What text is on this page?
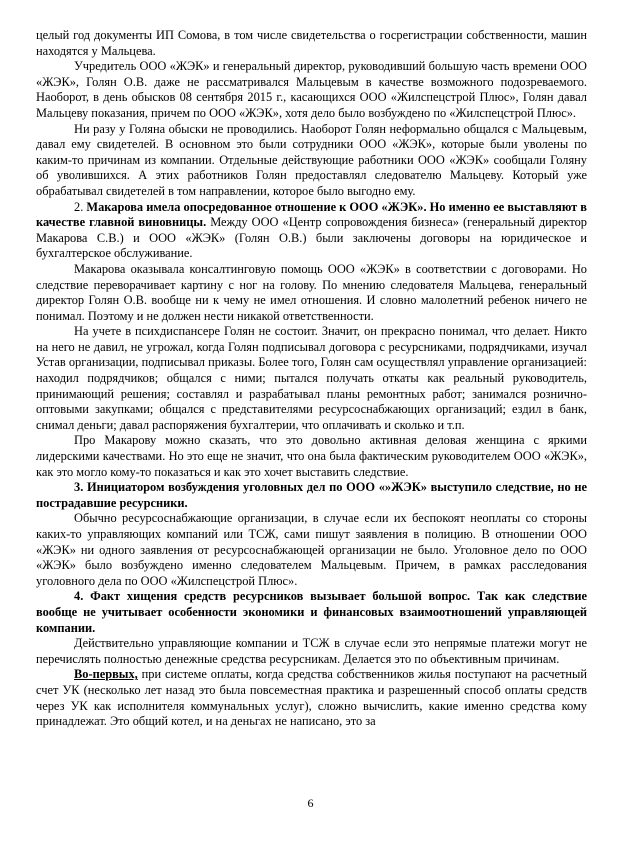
целый год документы ИП Сомова, в том числе свидетельства о госрегистрации собственности, машин находятся у Мальцева.

Учредитель ООО «ЖЭК» и генеральный директор, руководивший большую часть времени ООО «ЖЭК», Голян О.В. даже не рассматривался Мальцевым в качестве возможного подозреваемого. Наоборот, в день обысков 08 сентября 2015 г., касающихся ООО «Жилспецстрой Плюс», Голян давал Мальцеву показания, причем по ООО «ЖЭК», хотя дело было возбуждено по «Жилспецстрой Плюс».

Ни разу у Голяна обыски не проводились. Наоборот Голян неформально общался с Мальцевым, давал ему свидетелей. В основном это были сотрудники ООО «ЖЭК», которые были уволены по каким-то причинам из компании. Отдельные действующие работники ООО «ЖЭК» сообщали Голяну об уволившихся. А этих работников Голян предоставлял следователю Мальцеву. Который уже обрабатывал свидетелей в том направлении, которое было выгодно ему.

2. Макарова имела опосредованное отношение к ООО «ЖЭК». Но именно ее выставляют в качестве главной виновницы. Между ООО «Центр сопровождения бизнеса» (генеральный директор Макарова С.В.) и ООО «ЖЭК» (Голян О.В.) были заключены договоры на юридическое и бухгалтерское обслуживание.

Макарова оказывала консалтинговую помощь ООО «ЖЭК» в соответствии с договорами. Но следствие переворачивает картину с ног на голову. По мнению следователя Мальцева, генеральный директор Голян О.В. вообще ни к чему не имел отношения. И словно малолетний ребенок ничего не понимал. Поэтому и не должен нести никакой ответственности.

На учете в психдиспансере Голян не состоит. Значит, он прекрасно понимал, что делает. Никто на него не давил, не угрожал, когда Голян подписывал договора с ресурсниками, подрядчиками, изучал Устав организации, подписывал приказы. Более того, Голян сам осуществлял управление организацией: находил подрядчиков; общался с ними; пытался получать откаты как реальный руководитель, принимающий решения; составлял и разрабатывал планы ремонтных работ; занимался розничнo-оптовыми закупками; общался с представителями ресурсоснабжающих организаций; ездил в банк, снимал деньги; давал распоряжения бухгалтерии, что оплачивать и сколько и т.п.

Про Макарову можно сказать, что это довольно активная деловая женщина с яркими лидерскими качествами. Но это еще не значит, что она была фактическим руководителем ООО «ЖЭК», как это могло кому-то показаться и как это хочет выставить следствие.

3. Инициатором возбуждения уголовных дел по ООО «»ЖЭК» выступило следствие, но не пострадавшие ресурсники.

Обычно ресурсоснабжающие организации, в случае если их беспокоят неоплаты со стороны каких-то управляющих компаний или ТСЖ, сами пишут заявления в полицию. В отношении ООО «ЖЭК» ни одного заявления от ресурсоснабжающей организации не было. Уголовное дело по ООО «ЖЭК» было возбуждено именно следователем Мальцевым. Причем, в рамках расследования уголовного дела по ООО «Жилспецстрой Плюс».

4. Факт хищения средств ресурсников вызывает большой вопрос. Так как следствие вообще не учитывает особенности экономики и финансовых взаимоотношений управляющей компании.

Действительно управляющие компании и ТСЖ в случае если это непрямые платежи могут не перечислять полностью денежные средства ресурсникам. Делается это по объективным причинам.

Во-первых, при системе оплаты, когда средства собственников жилья поступают на расчетный счет УК (несколько лет назад это была повсеместная практика и разрешенный способ оплаты средств через УК как исполнителя коммунальных услуг), сложно вычислить, какие именно средства кому принадлежат. Это общий котел, и на деньгах не написано, это за

6
